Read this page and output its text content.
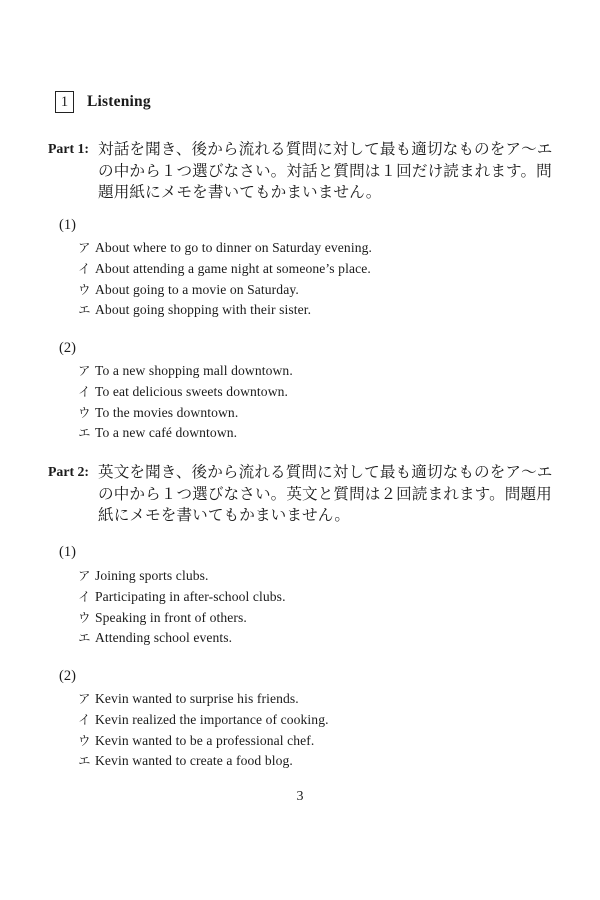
1 Listening
Part 1: 対話を聞き、後から流れる質問に対して最も適切なものをア～エ
の中から１つ選びなさい。対話と質問は１回だけ読まれます。問
題用紙にメモを書いてもかまいません。
(1)
ア About where to go to dinner on Saturday evening.
イ About attending a game night at someone’s place.
ウ About going to a movie on Saturday.
エ About going shopping with their sister.
(2)
ア To a new shopping mall downtown.
イ To eat delicious sweets downtown.
ウ To the movies downtown.
エ To a new café downtown.
Part 2: 英文を聞き、後から流れる質問に対して最も適切なものをア～エ
の中から１つ選びなさい。英文と質問は２回読まれます。問題用
紙にメモを書いてもかまいません。
(1)
ア Joining sports clubs.
イ Participating in after-school clubs.
ウ Speaking in front of others.
エ Attending school events.
(2)
ア Kevin wanted to surprise his friends.
イ Kevin realized the importance of cooking.
ウ Kevin wanted to be a professional chef.
エ Kevin wanted to create a food blog.
3
